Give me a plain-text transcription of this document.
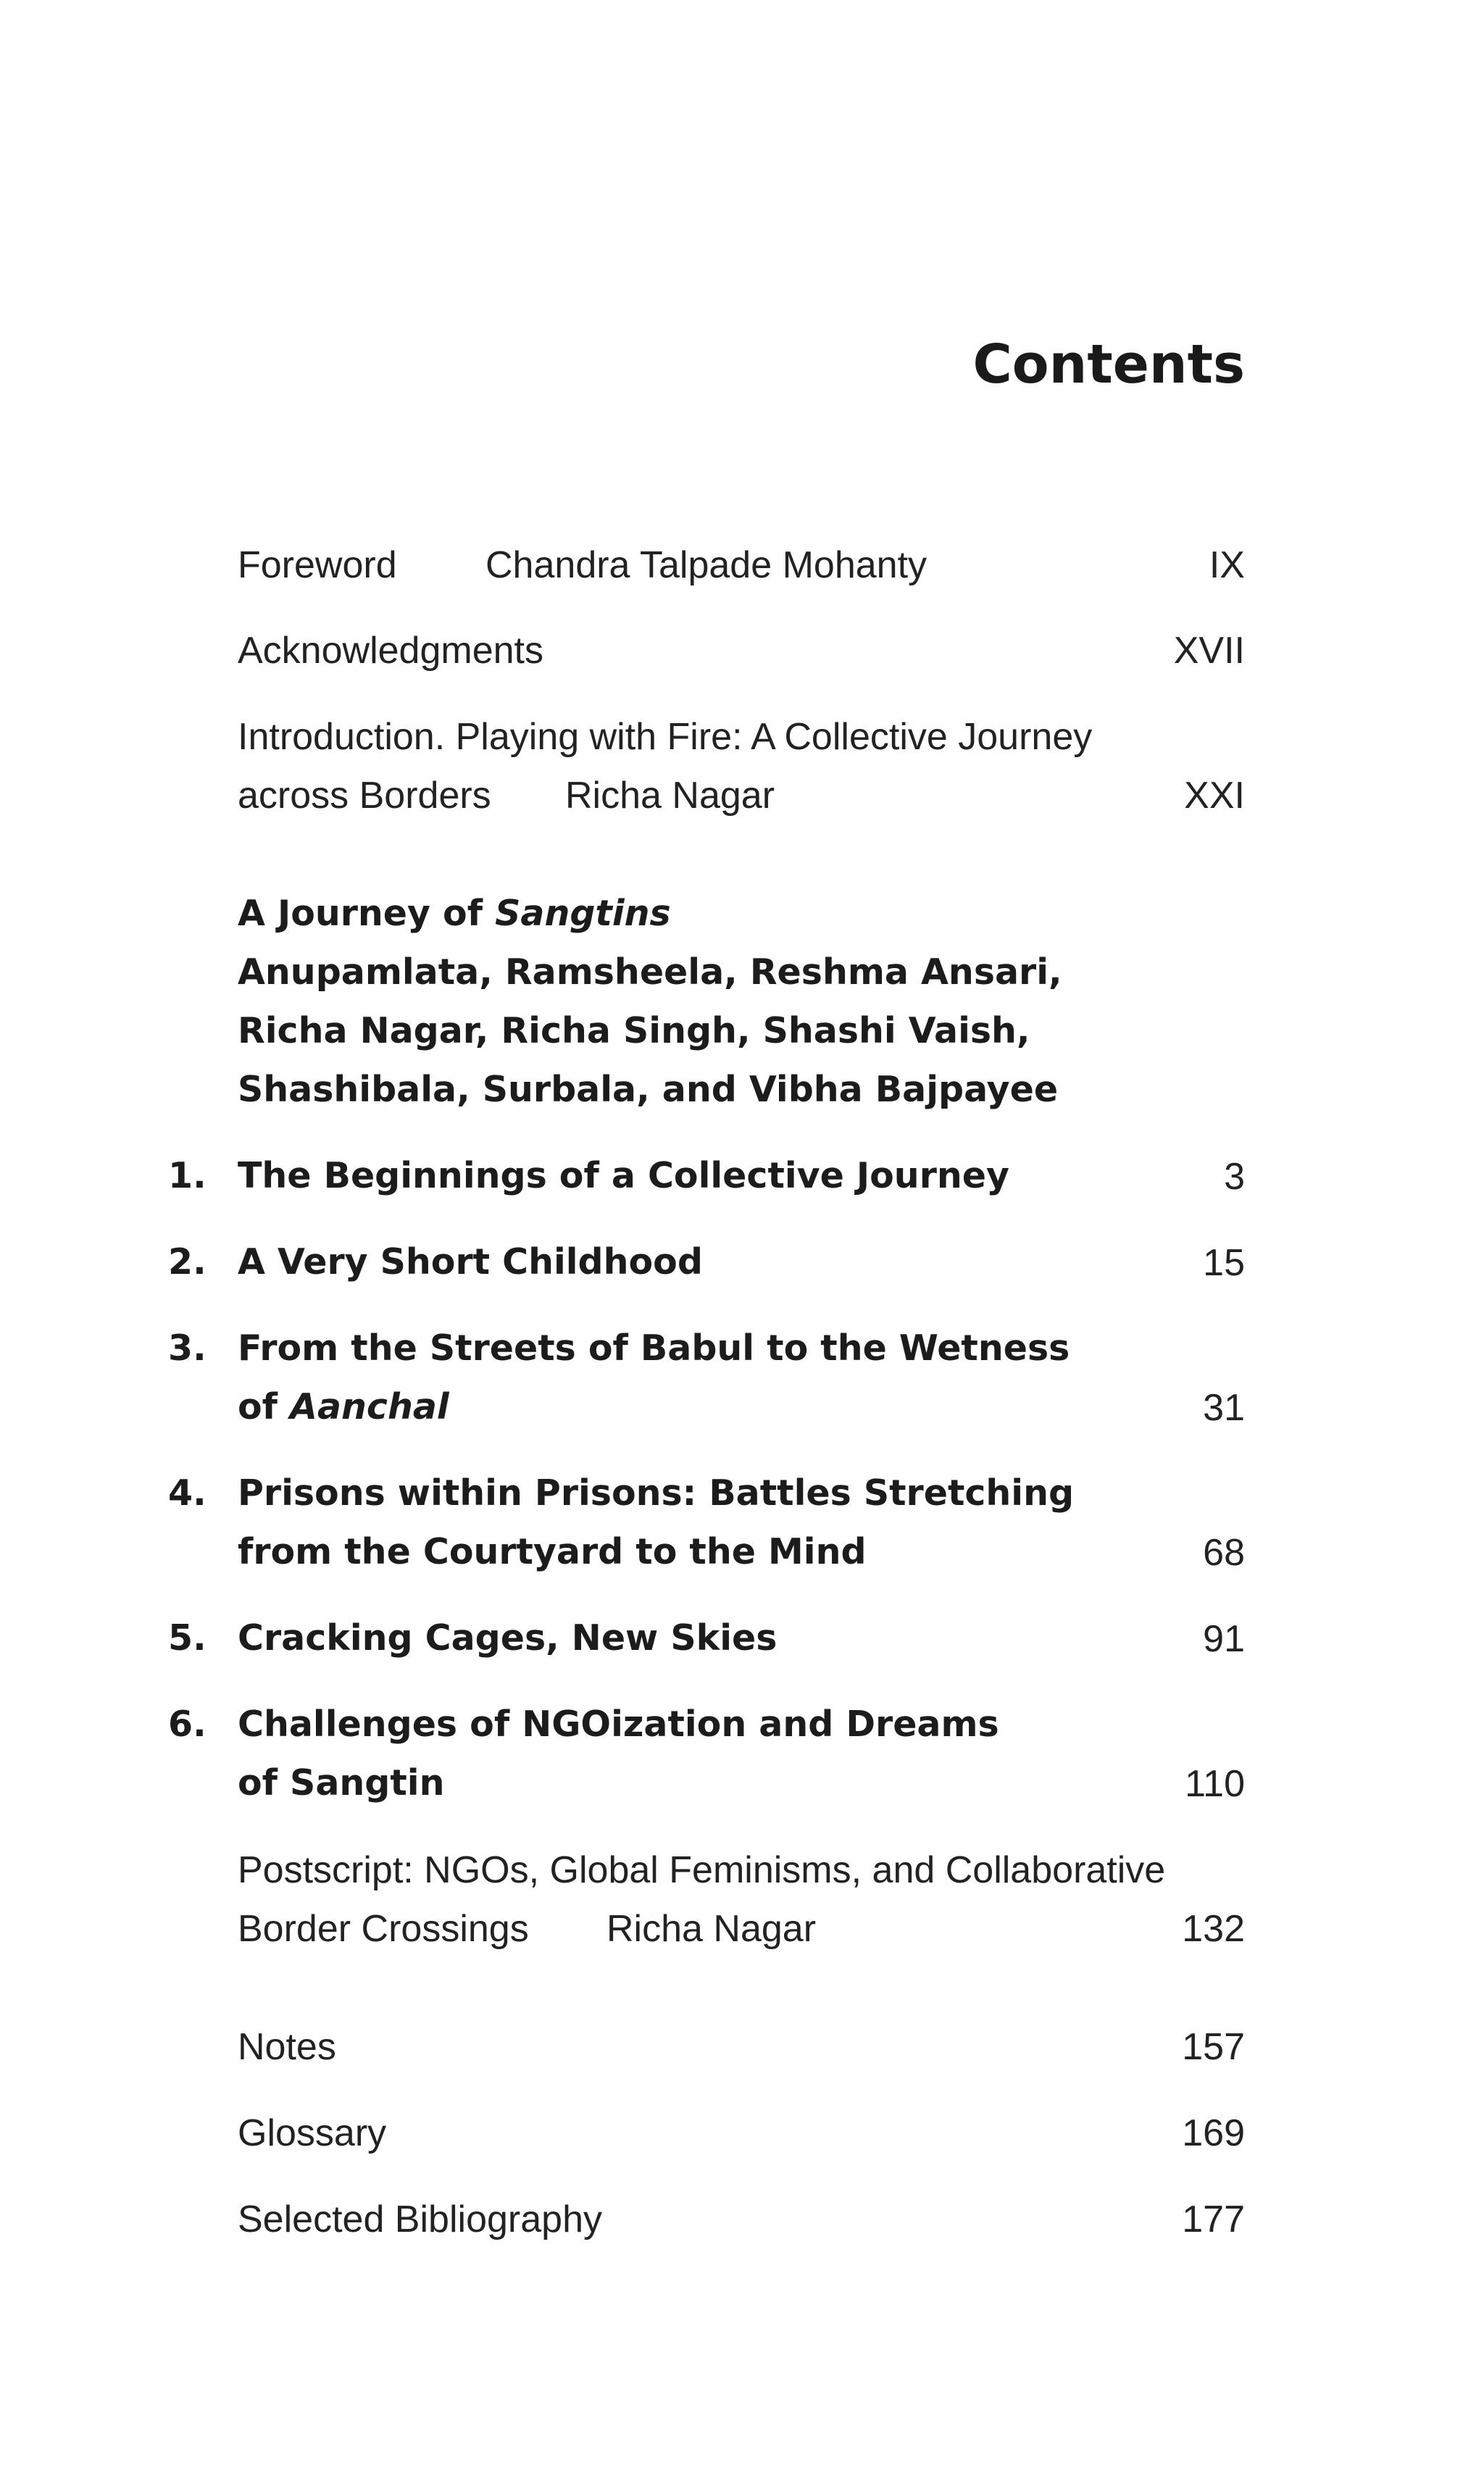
Contents
Foreword Chandra Talpade Mohanty	IX
Acknowledgments	XVII
Introduction. Playing with Fire: A Collective Journey
across Borders Richa Nagar	XXI
A Journey of Sangtins
Anupamlata, Ramsheela, Reshma Ansari,
Richa Nagar, Richa Singh, Shashi Vaish,
Shashibala, Surbala, and Vibha Bajpayee
1. The Beginnings of a Collective Journey	3
2. A Very Short Childhood	15
3. From the Streets of Babul to the Wetness
of Aanchal	31
4. Prisons within Prisons: Battles Stretching
from the Courtyard to the Mind	68
5. Cracking Cages, New Skies	91
6. Challenges of NGOization and Dreams
of Sangtin	110
Postscript: NGOs, Global Feminisms, and Collaborative
Border Crossings Richa Nagar	132
Notes	157
Glossary	169
Selected Bibliography	177
